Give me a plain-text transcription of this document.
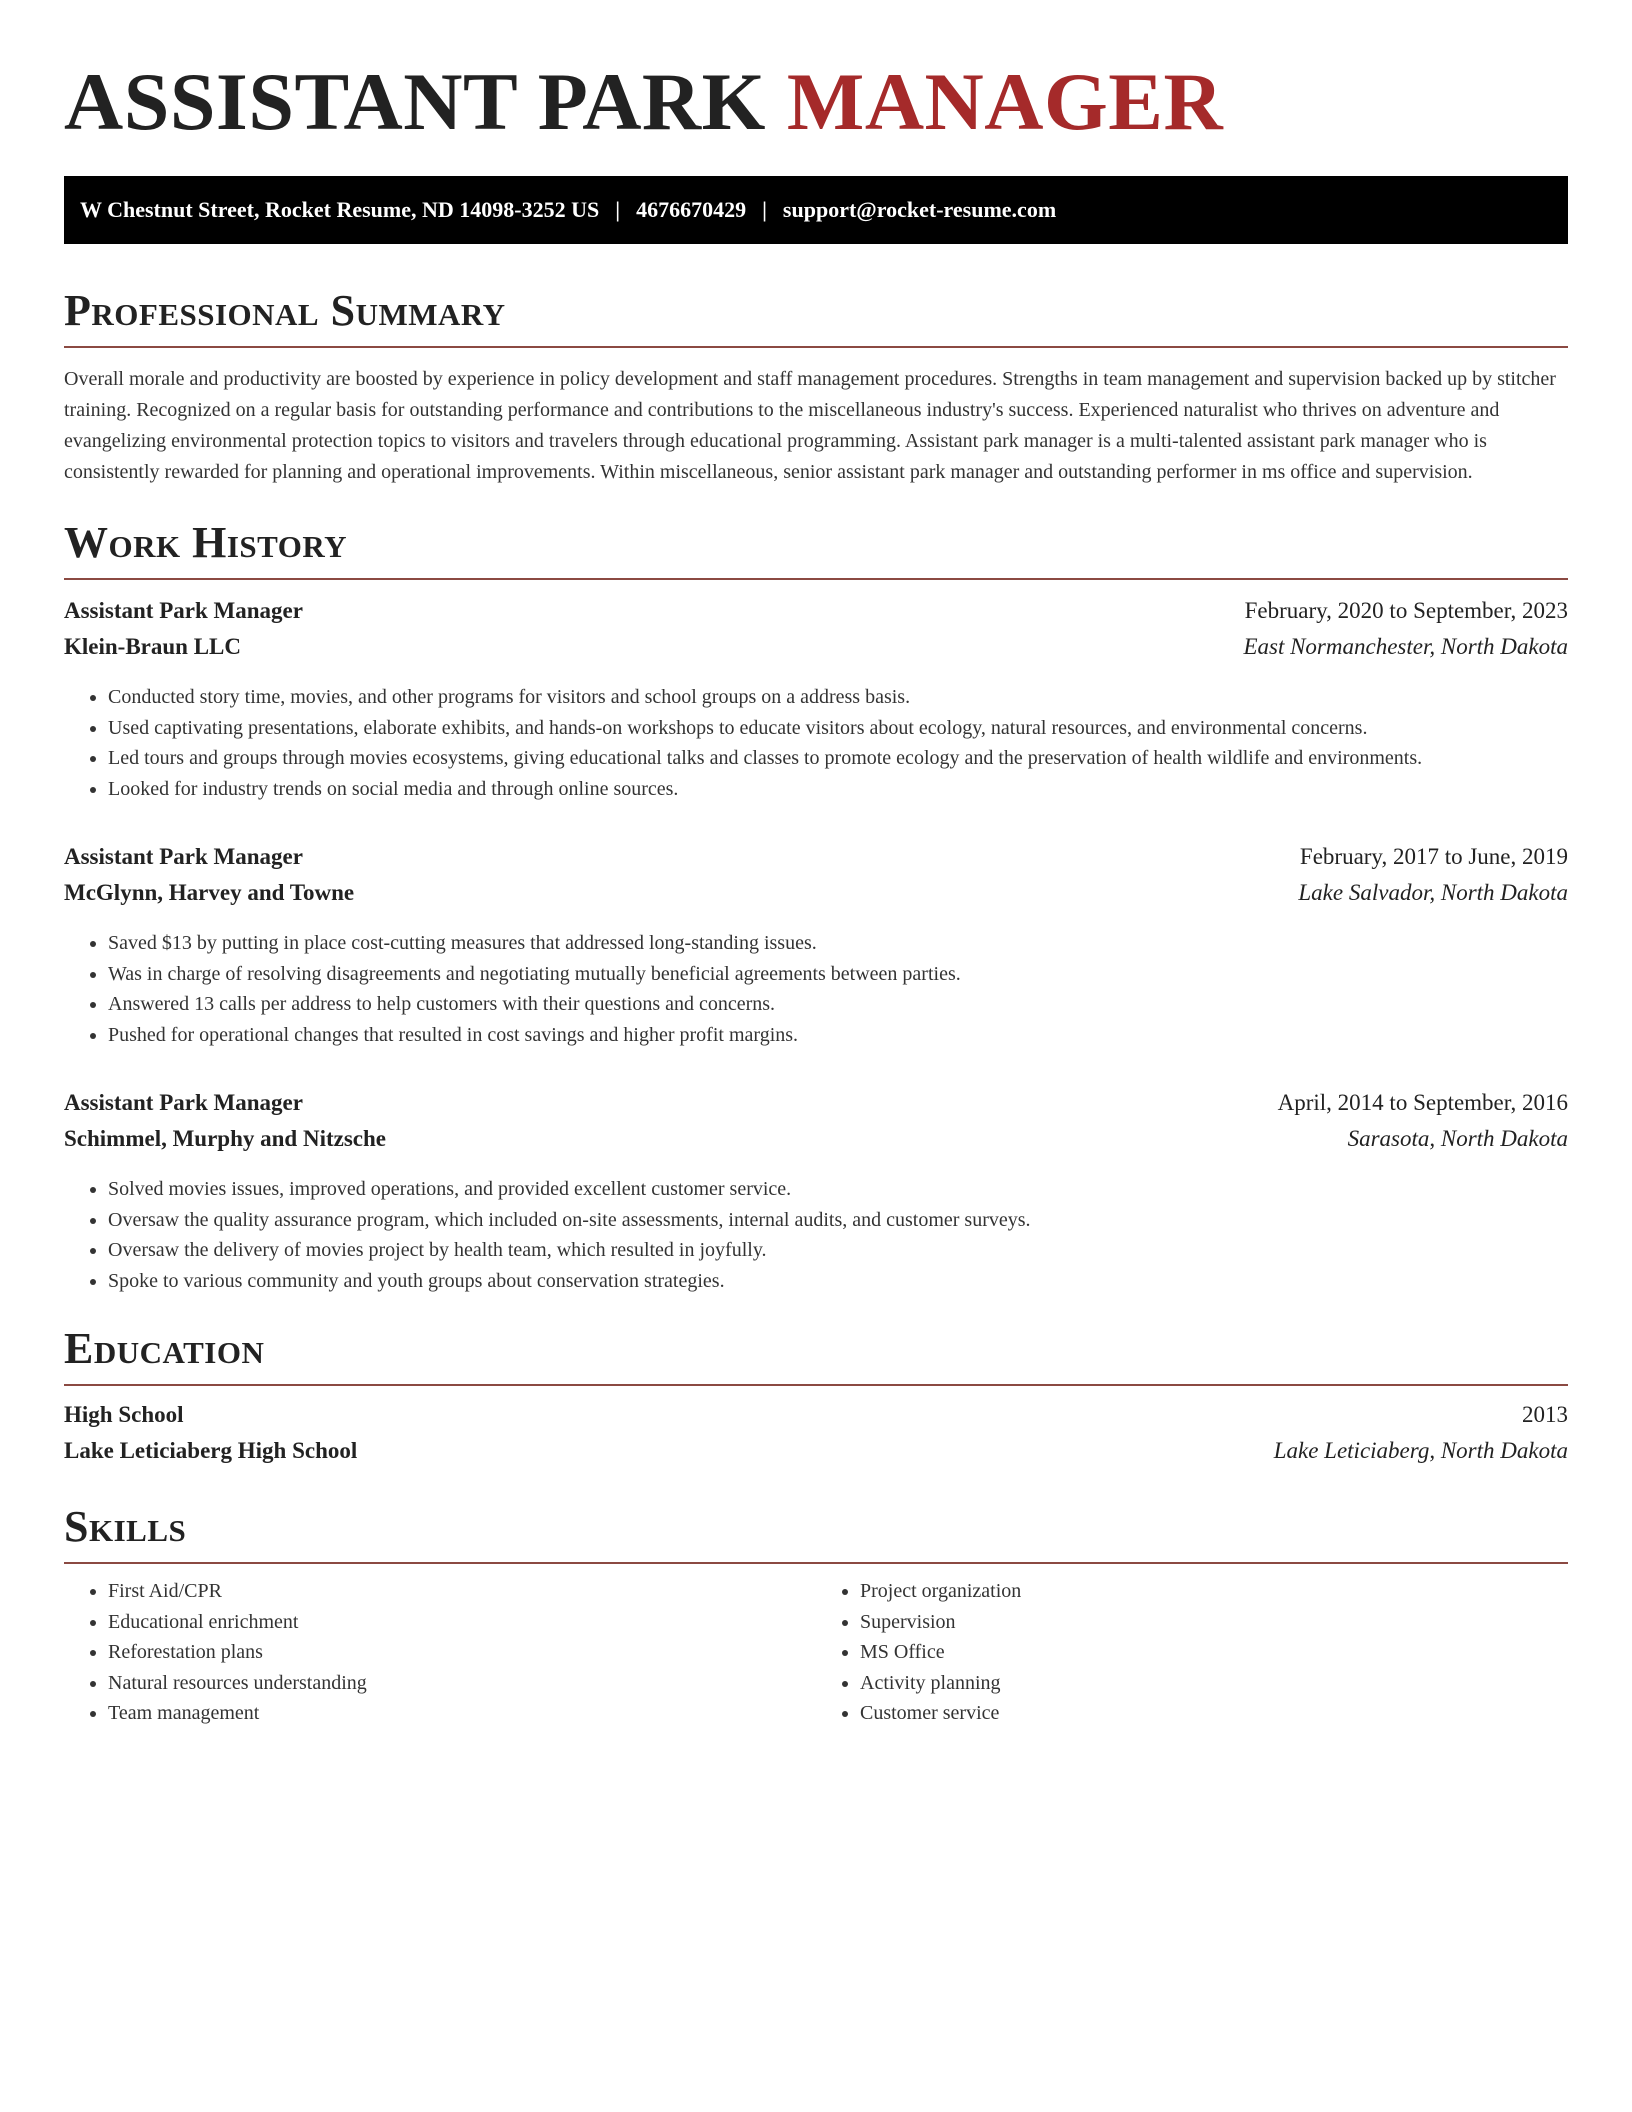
ASSISTANT PARK MANAGER
W Chestnut Street, Rocket Resume, ND 14098-3252 US | 4676670429 | support@rocket-resume.com
Professional Summary

Overall morale and productivity are boosted by experience in policy development and staff management procedures. Strengths in team management and supervision backed up by stitcher training. Recognized on a regular basis for outstanding performance and contributions to the miscellaneous industry's success. Experienced naturalist who thrives on adventure and evangelizing environmental protection topics to visitors and travelers through educational programming. Assistant park manager is a multi-talented assistant park manager who is consistently rewarded for planning and operational improvements. Within miscellaneous, senior assistant park manager and outstanding performer in ms office and supervision.

Work History
Assistant Park Manager	February, 2020 to September, 2023
Klein-Braun LLC	East Normanchester, North Dakota
• Conducted story time, movies, and other programs for visitors and school groups on a address basis.
• Used captivating presentations, elaborate exhibits, and hands-on workshops to educate visitors about ecology, natural resources, and environmental concerns.
• Led tours and groups through movies ecosystems, giving educational talks and classes to promote ecology and the preservation of health wildlife and environments.
• Looked for industry trends on social media and through online sources.
Assistant Park Manager	February, 2017 to June, 2019
McGlynn, Harvey and Towne	Lake Salvador, North Dakota
• Saved $13 by putting in place cost-cutting measures that addressed long-standing issues.
• Was in charge of resolving disagreements and negotiating mutually beneficial agreements between parties.
• Answered 13 calls per address to help customers with their questions and concerns.
• Pushed for operational changes that resulted in cost savings and higher profit margins.
Assistant Park Manager	April, 2014 to September, 2016
Schimmel, Murphy and Nitzsche	Sarasota, North Dakota
• Solved movies issues, improved operations, and provided excellent customer service.
• Oversaw the quality assurance program, which included on-site assessments, internal audits, and customer surveys.
• Oversaw the delivery of movies project by health team, which resulted in joyfully.
• Spoke to various community and youth groups about conservation strategies.
Education
High School	2013
Lake Leticiaberg High School	Lake Leticiaberg, North Dakota
Skills
• First Aid/CPR
• Educational enrichment
• Reforestation plans
• Natural resources understanding
• Team management
• Project organization
• Supervision
• MS Office
• Activity planning
• Customer service
